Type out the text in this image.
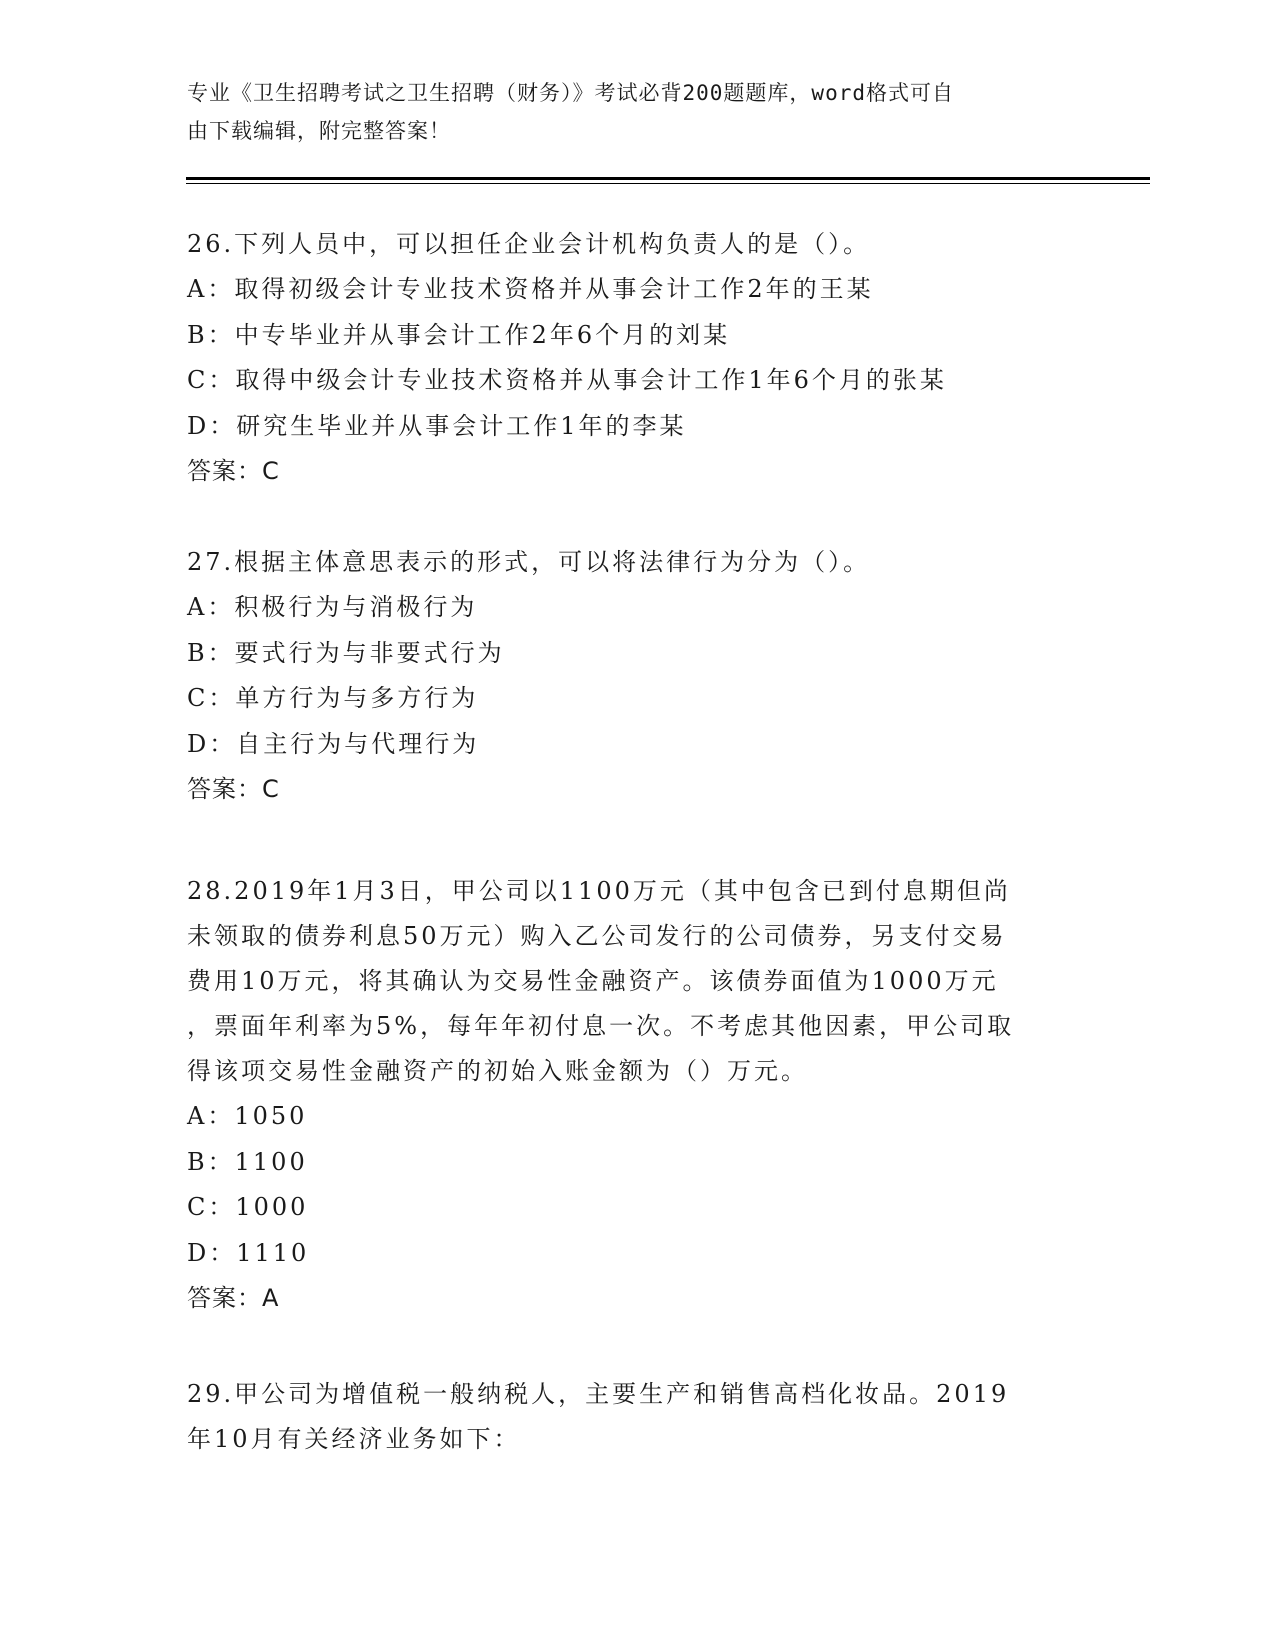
专业《卫生招聘考试之卫生招聘（财务）》考试必背200题题库，word格式可自
由下载编辑，附完整答案！
26.下列人员中，可以担任企业会计机构负责人的是（）。
A：取得初级会计专业技术资格并从事会计工作2年的王某
B：中专毕业并从事会计工作2年6个月的刘某
C：取得中级会计专业技术资格并从事会计工作1年6个月的张某
D：研究生毕业并从事会计工作1年的李某
答案：C
27.根据主体意思表示的形式，可以将法律行为分为（）。
A：积极行为与消极行为
B：要式行为与非要式行为
C：单方行为与多方行为
D：自主行为与代理行为
答案：C
28.2019年1月3日，甲公司以1100万元（其中包含已到付息期但尚
未领取的债券利息50万元）购入乙公司发行的公司债券，另支付交易
费用10万元，将其确认为交易性金融资产。该债券面值为1000万元
，票面年利率为5%，每年年初付息一次。不考虑其他因素，甲公司取
得该项交易性金融资产的初始入账金额为（）万元。
A：1050
B：1100
C：1000
D：1110
答案：A
29.甲公司为增值税一般纳税人，主要生产和销售高档化妆品。2019
年10月有关经济业务如下：
